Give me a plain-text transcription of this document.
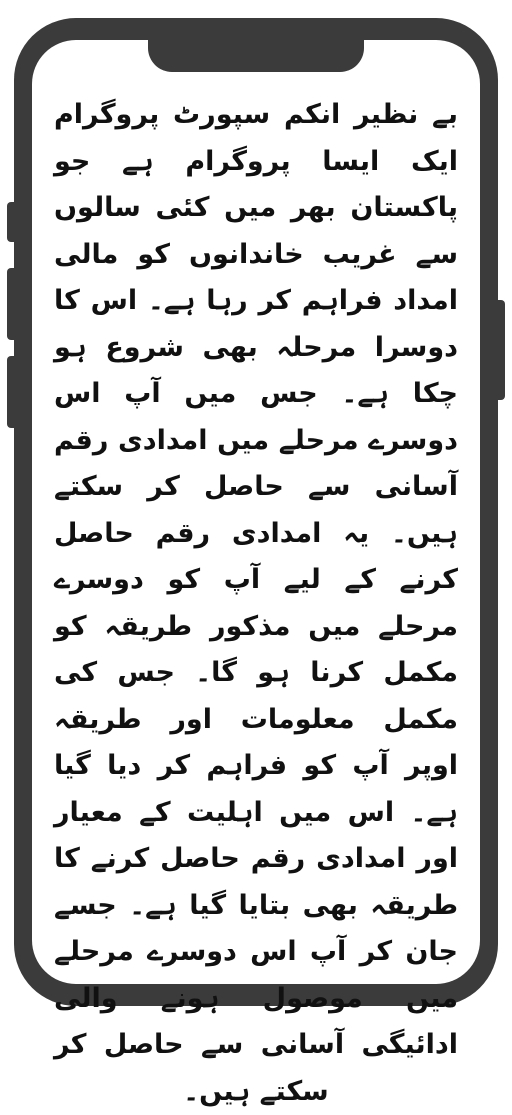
بے نظیر انکم سپورٹ پروگرام ایک ایسا پروگرام ہے جو پاکستان بھر میں کئی سالوں سے غریب خاندانوں کو مالی امداد فراہم کر رہا ہے۔ اس کا دوسرا مرحلہ بھی شروع ہو چکا ہے۔ جس میں آپ اس دوسرے مرحلے میں امدادی رقم آسانی سے حاصل کر سکتے ہیں۔ یہ امدادی رقم حاصل کرنے کے لیے آپ کو دوسرے مرحلے میں مذکور طریقہ کو مکمل کرنا ہو گا۔ جس کی مکمل معلومات اور طریقہ اوپر آپ کو فراہم کر دیا گیا ہے۔ اس میں اہلیت کے معیار اور امدادی رقم حاصل کرنے کا طریقہ بھی بتایا گیا ہے۔ جسے جان کر آپ اس دوسرے مرحلے میں موصول ہونے والی ادائیگی آسانی سے حاصل کر سکتے ہیں۔
